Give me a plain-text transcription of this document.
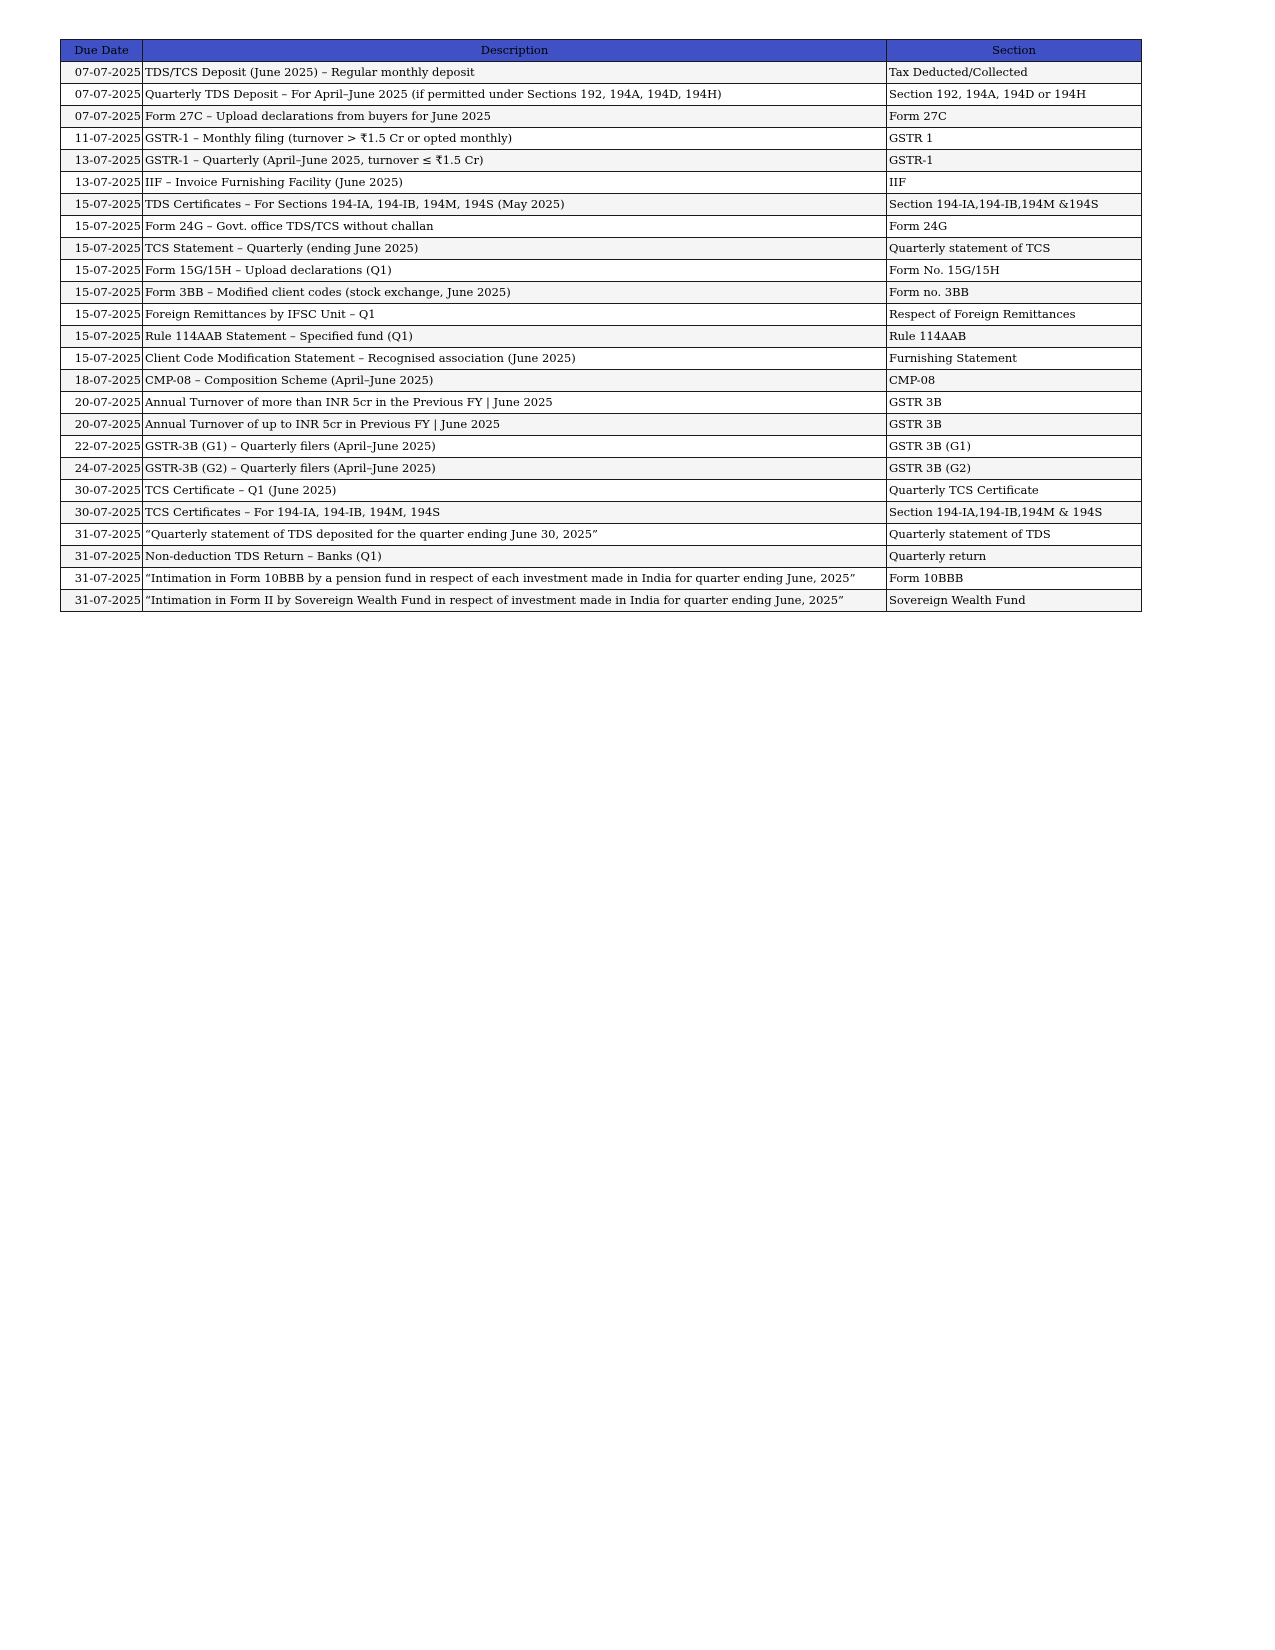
Due Date	Description	Section
07-07-2025	TDS/TCS Deposit (June 2025) – Regular monthly deposit	Tax Deducted/Collected
07-07-2025	Quarterly TDS Deposit – For April–June 2025 (if permitted under Sections 192, 194A, 194D, 194H)	Section 192, 194A, 194D or 194H
07-07-2025	Form 27C – Upload declarations from buyers for June 2025	Form 27C
11-07-2025	GSTR-1 – Monthly filing (turnover > ₹1.5 Cr or opted monthly)	GSTR 1
13-07-2025	GSTR-1 – Quarterly (April–June 2025, turnover ≤ ₹1.5 Cr)	GSTR-1
13-07-2025	IIF – Invoice Furnishing Facility (June 2025)	IIF
15-07-2025	TDS Certificates – For Sections 194-IA, 194-IB, 194M, 194S (May 2025)	Section 194-IA,194-IB,194M &194S
15-07-2025	Form 24G – Govt. office TDS/TCS without challan	Form 24G
15-07-2025	TCS Statement – Quarterly (ending June 2025)	Quarterly statement of TCS
15-07-2025	Form 15G/15H – Upload declarations (Q1)	Form No. 15G/15H
15-07-2025	Form 3BB – Modified client codes (stock exchange, June 2025)	Form no. 3BB
15-07-2025	Foreign Remittances by IFSC Unit – Q1	Respect of Foreign Remittances
15-07-2025	Rule 114AAB Statement – Specified fund (Q1)	Rule 114AAB
15-07-2025	Client Code Modification Statement – Recognised association (June 2025)	Furnishing Statement
18-07-2025	CMP-08 – Composition Scheme (April–June 2025)	CMP-08
20-07-2025	Annual Turnover of more than INR 5cr in the Previous FY | June 2025	GSTR 3B
20-07-2025	Annual Turnover of up to INR 5cr in Previous FY | June 2025	GSTR 3B
22-07-2025	GSTR-3B (G1) – Quarterly filers (April–June 2025)	GSTR 3B (G1)
24-07-2025	GSTR-3B (G2) – Quarterly filers (April–June 2025)	GSTR 3B (G2)
30-07-2025	TCS Certificate – Q1 (June 2025)	Quarterly TCS Certificate
30-07-2025	TCS Certificates – For 194-IA, 194-IB, 194M, 194S	Section 194-IA,194-IB,194M & 194S
31-07-2025	“Quarterly statement of TDS deposited for the quarter ending June 30, 2025”	Quarterly statement of TDS
31-07-2025	Non-deduction TDS Return – Banks (Q1)	Quarterly return
31-07-2025	“Intimation in Form 10BBB by a pension fund in respect of each investment made in India for quarter ending June, 2025”	Form 10BBB
31-07-2025	“Intimation in Form II by Sovereign Wealth Fund in respect of investment made in India for quarter ending June, 2025”	Sovereign Wealth Fund
